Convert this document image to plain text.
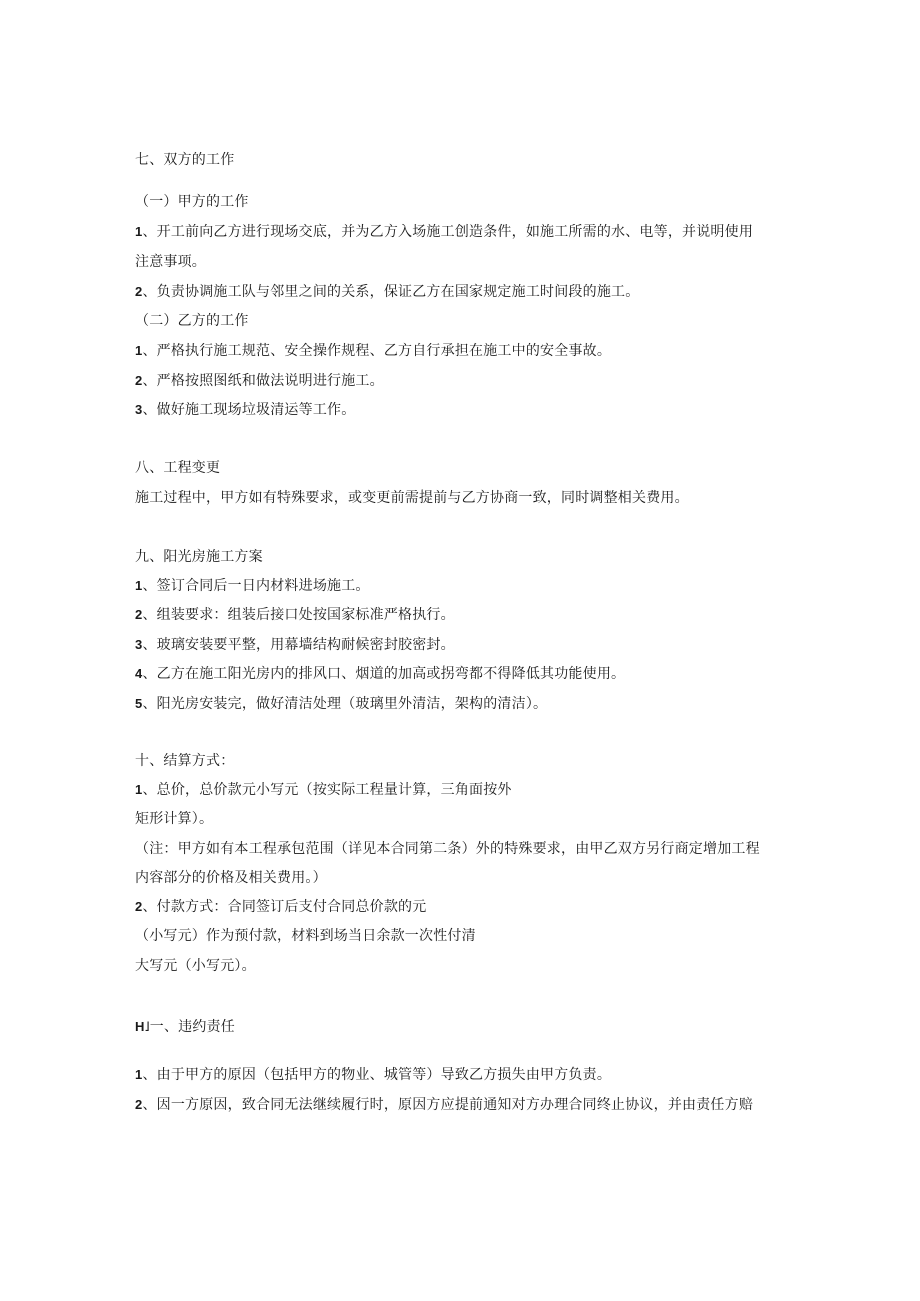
七、双方的工作
（一）甲方的工作
1、开工前向乙方进行现场交底，并为乙方入场施工创造条件，如施工所需的水、电等，并说明使用
注意事项。
2、负责协调施工队与邻里之间的关系，保证乙方在国家规定施工时间段的施工。
（二）乙方的工作
1、严格执行施工规范、安全操作规程、乙方自行承担在施工中的安全事故。
2、严格按照图纸和做法说明进行施工。
3、做好施工现场垃圾清运等工作。
八、工程变更
施工过程中，甲方如有特殊要求，或变更前需提前与乙方协商一致，同时调整相关费用。
九、阳光房施工方案
1、签订合同后一日内材料进场施工。
2、组装要求：组装后接口处按国家标准严格执行。
3、玻璃安装要平整，用幕墙结构耐候密封胶密封。
4、乙方在施工阳光房内的排风口、烟道的加高或拐弯都不得降低其功能使用。
5、阳光房安装完，做好清洁处理（玻璃里外清洁，架构的清洁）。
十、结算方式：
1、总价，总价款元小写元（按实际工程量计算，三角面按外
矩形计算）。
（注：甲方如有本工程承包范围（详见本合同第二条）外的特殊要求，由甲乙双方另行商定增加工程
内容部分的价格及相关费用。）
2、付款方式：合同签订后支付合同总价款的元
（小写元）作为预付款，材料到场当日余款一次性付清
大写元（小写元）。
H˩一、违约责任
1、由于甲方的原因（包括甲方的物业、城管等）导致乙方损失由甲方负责。
2、因一方原因，致合同无法继续履行时，原因方应提前通知对方办理合同终止协议，并由责任方赔
